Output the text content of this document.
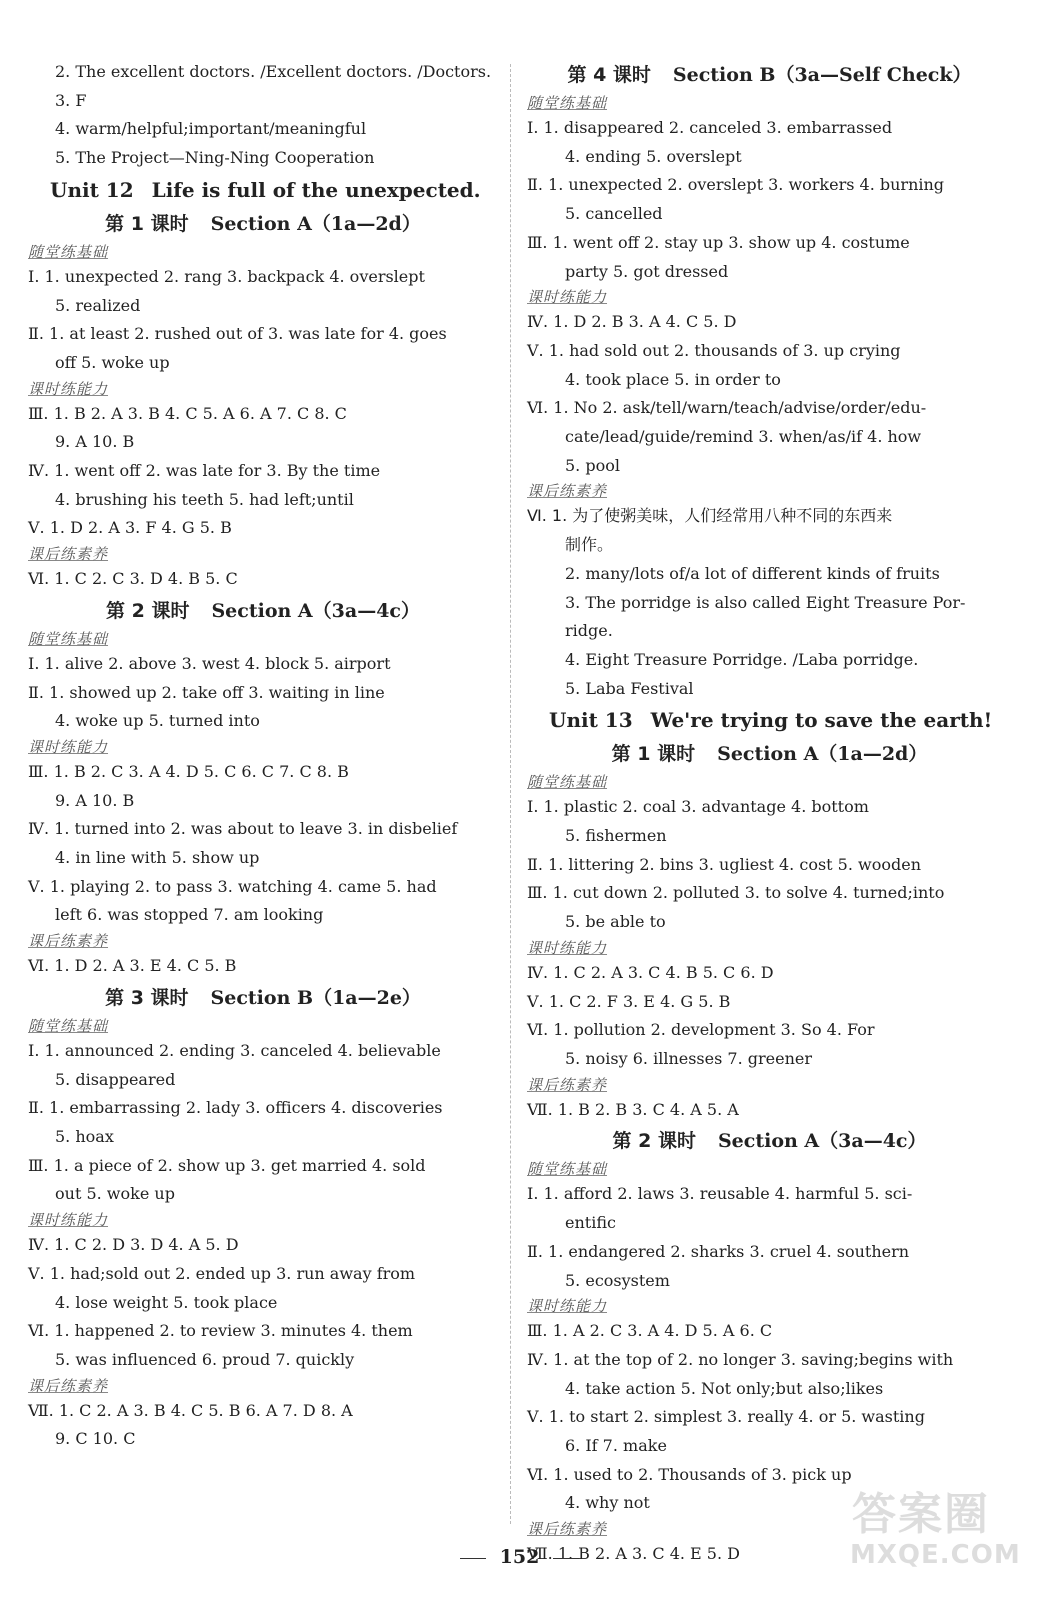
2. The excellent doctors. /Excellent doctors. /Doctors.
3. F
4. warm/helpful;important/meaningful
5. The Project—Ning-Ning Cooperation
Unit 12 Life is full of the unexpected.
第 1 课时 Section A（1a—2d）
随堂练基础
Ⅰ. 1. unexpected 2. rang 3. backpack 4. overslept
5. realized
Ⅱ. 1. at least 2. rushed out of 3. was late for 4. goes
off 5. woke up
课时练能力
Ⅲ. 1. B 2. A 3. B 4. C 5. A 6. A 7. C 8. C
9. A 10. B
Ⅳ. 1. went off 2. was late for 3. By the time
4. brushing his teeth 5. had left;until
Ⅴ. 1. D 2. A 3. F 4. G 5. B
课后练素养
Ⅵ. 1. C 2. C 3. D 4. B 5. C
第 2 课时 Section A（3a—4c）
随堂练基础
Ⅰ. 1. alive 2. above 3. west 4. block 5. airport
Ⅱ. 1. showed up 2. take off 3. waiting in line
4. woke up 5. turned into
课时练能力
Ⅲ. 1. B 2. C 3. A 4. D 5. C 6. C 7. C 8. B
9. A 10. B
Ⅳ. 1. turned into 2. was about to leave 3. in disbelief
4. in line with 5. show up
Ⅴ. 1. playing 2. to pass 3. watching 4. came 5. had
left 6. was stopped 7. am looking
课后练素养
Ⅵ. 1. D 2. A 3. E 4. C 5. B
第 3 课时 Section B（1a—2e）
随堂练基础
Ⅰ. 1. announced 2. ending 3. canceled 4. believable
5. disappeared
Ⅱ. 1. embarrassing 2. lady 3. officers 4. discoveries
5. hoax
Ⅲ. 1. a piece of 2. show up 3. get married 4. sold
out 5. woke up
课时练能力
Ⅳ. 1. C 2. D 3. D 4. A 5. D
Ⅴ. 1. had;sold out 2. ended up 3. run away from
4. lose weight 5. took place
Ⅵ. 1. happened 2. to review 3. minutes 4. them
5. was influenced 6. proud 7. quickly
课后练素养
Ⅶ. 1. C 2. A 3. B 4. C 5. B 6. A 7. D 8. A
9. C 10. C
第 4 课时 Section B（3a—Self Check）
随堂练基础
Ⅰ. 1. disappeared 2. canceled 3. embarrassed
4. ending 5. overslept
Ⅱ. 1. unexpected 2. overslept 3. workers 4. burning
5. cancelled
Ⅲ. 1. went off 2. stay up 3. show up 4. costume
party 5. got dressed
课时练能力
Ⅳ. 1. D 2. B 3. A 4. C 5. D
Ⅴ. 1. had sold out 2. thousands of 3. up crying
4. took place 5. in order to
Ⅵ. 1. No 2. ask/tell/warn/teach/advise/order/edu-
cate/lead/guide/remind 3. when/as/if 4. how
5. pool
课后练素养
Ⅵ. 1. 为了使粥美味，人们经常用八种不同的东西来
制作。
2. many/lots of/a lot of different kinds of fruits
3. The porridge is also called Eight Treasure Por-
ridge.
4. Eight Treasure Porridge. /Laba porridge.
5. Laba Festival
Unit 13 We're trying to save the earth!
第 1 课时 Section A（1a—2d）
随堂练基础
Ⅰ. 1. plastic 2. coal 3. advantage 4. bottom
5. fishermen
Ⅱ. 1. littering 2. bins 3. ugliest 4. cost 5. wooden
Ⅲ. 1. cut down 2. polluted 3. to solve 4. turned;into
5. be able to
课时练能力
Ⅳ. 1. C 2. A 3. C 4. B 5. C 6. D
Ⅴ. 1. C 2. F 3. E 4. G 5. B
Ⅵ. 1. pollution 2. development 3. So 4. For
5. noisy 6. illnesses 7. greener
课后练素养
Ⅶ. 1. B 2. B 3. C 4. A 5. A
第 2 课时 Section A（3a—4c）
随堂练基础
Ⅰ. 1. afford 2. laws 3. reusable 4. harmful 5. sci-
entific
Ⅱ. 1. endangered 2. sharks 3. cruel 4. southern
5. ecosystem
课时练能力
Ⅲ. 1. A 2. C 3. A 4. D 5. A 6. C
Ⅳ. 1. at the top of 2. no longer 3. saving;begins with
4. take action 5. Not only;but also;likes
Ⅴ. 1. to start 2. simplest 3. really 4. or 5. wasting
6. If 7. make
Ⅵ. 1. used to 2. Thousands of 3. pick up
4. why not
课后练素养
Ⅶ. 1. B 2. A 3. C 4. E 5. D
152
答案圈
MXQE.COM
